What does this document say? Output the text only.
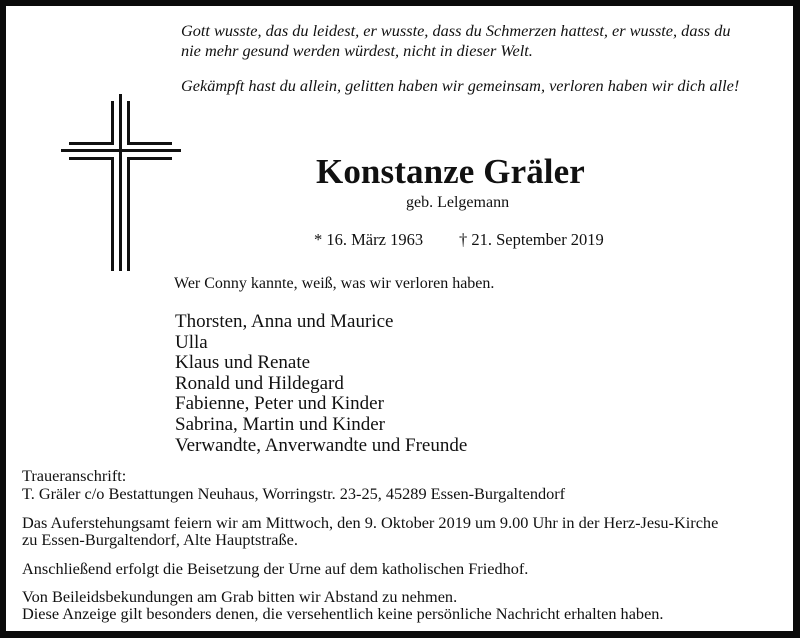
Gott wusste, das du leidest, er wusste, dass du Schmerzen hattest, er wusste, dass du
nie mehr gesund werden würdest, nicht in dieser Welt.
Gekämpft hast du allein, gelitten haben wir gemeinsam, verloren haben wir dich alle!
Konstanze Gräler
geb. Lelgemann
* 16. März 1963 † 21. September 2019
Wer Conny kannte, weiß, was wir verloren haben.
Thorsten, Anna und Maurice
Ulla
Klaus und Renate
Ronald und Hildegard
Fabienne, Peter und Kinder
Sabrina, Martin und Kinder
Verwandte, Anverwandte und Freunde
Traueranschrift:
T. Gräler c/o Bestattungen Neuhaus, Worringstr. 23-25, 45289 Essen-Burgaltendorf
Das Auferstehungsamt feiern wir am Mittwoch, den 9. Oktober 2019 um 9.00 Uhr in der Herz-Jesu-Kirche
zu Essen-Burgaltendorf, Alte Hauptstraße.
Anschließend erfolgt die Beisetzung der Urne auf dem katholischen Friedhof.
Von Beileidsbekundungen am Grab bitten wir Abstand zu nehmen.
Diese Anzeige gilt besonders denen, die versehentlich keine persönliche Nachricht erhalten haben.
